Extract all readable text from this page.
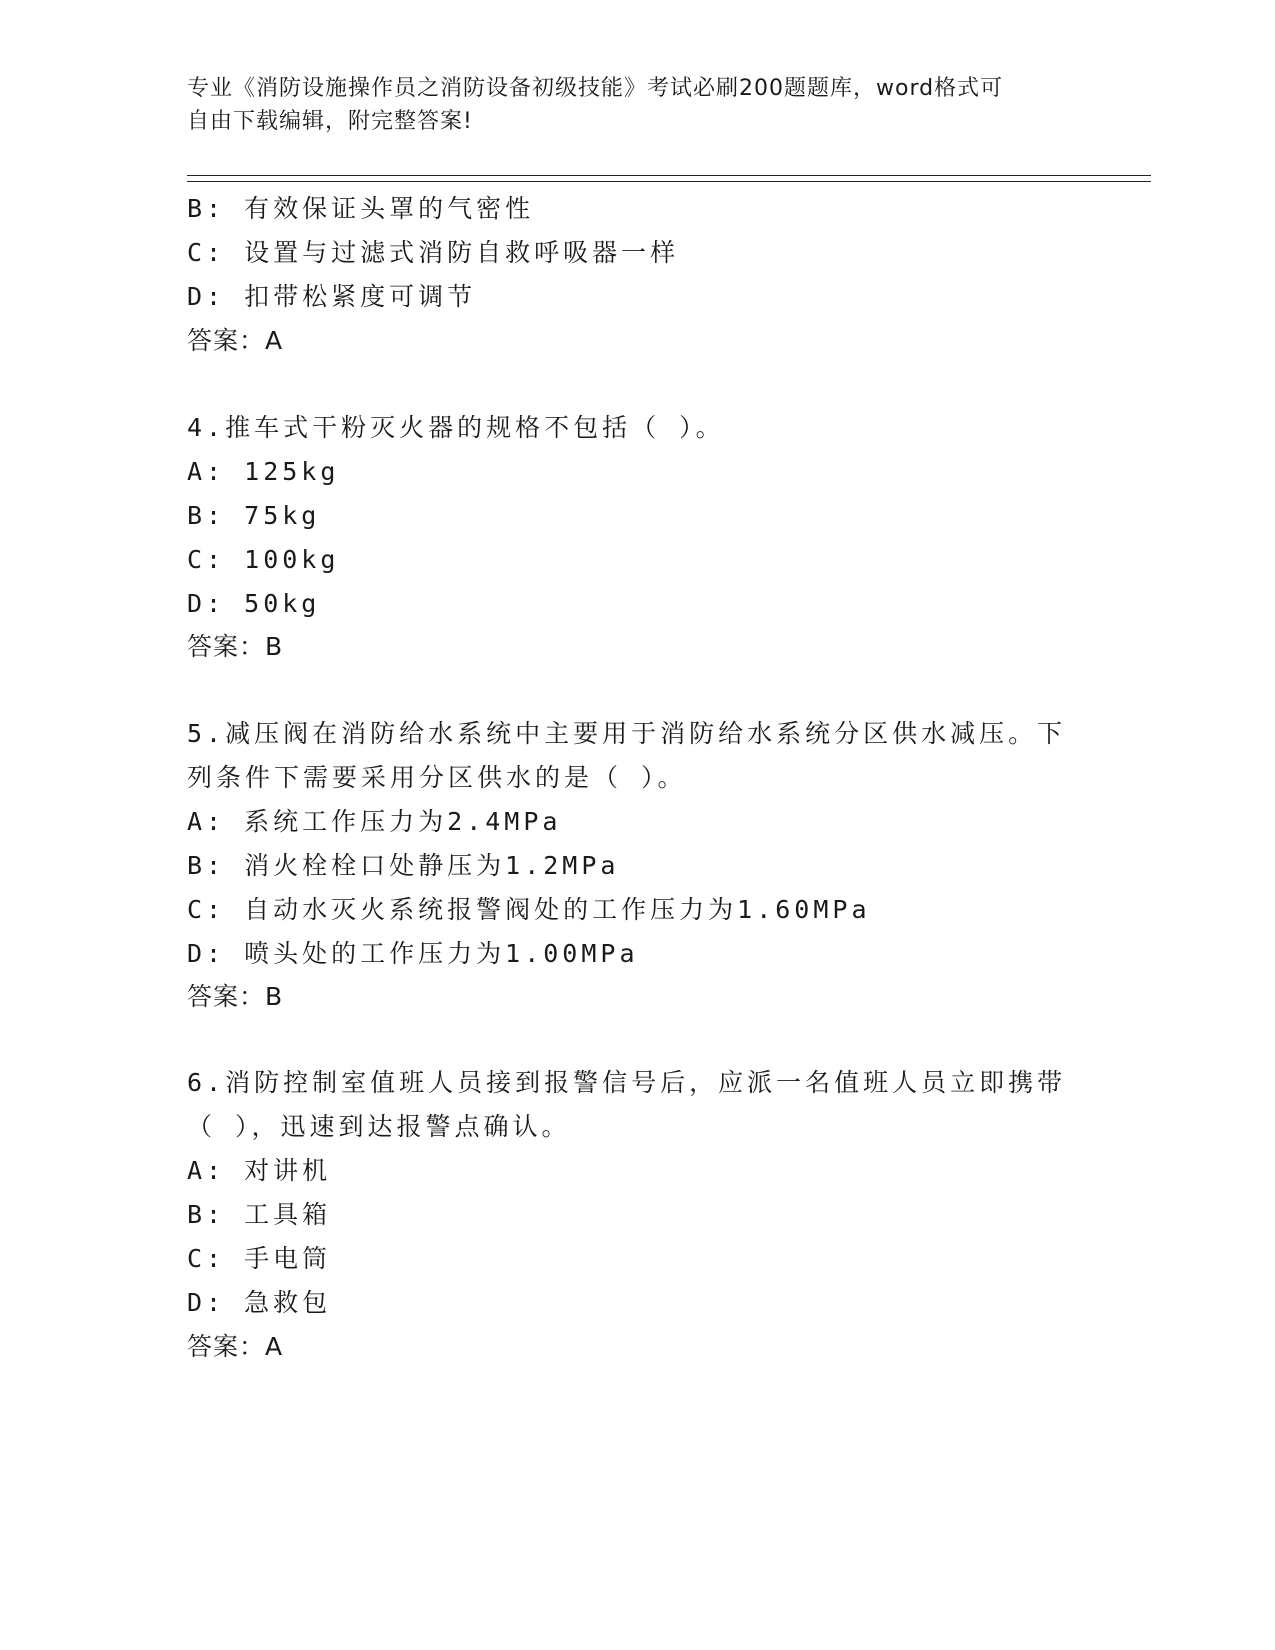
专业《消防设施操作员之消防设备初级技能》考试必刷200题题库，word格式可
自由下载编辑，附完整答案!
B: 有效保证头罩的气密性
C: 设置与过滤式消防自救呼吸器一样
D: 扣带松紧度可调节
答案：A
4.推车式干粉灭火器的规格不包括（ ）。
A: 125kg
B: 75kg
C: 100kg
D: 50kg
答案：B
5.减压阀在消防给水系统中主要用于消防给水系统分区供水减压。下
列条件下需要采用分区供水的是（ ）。
A: 系统工作压力为2.4MPa
B: 消火栓栓口处静压为1.2MPa
C: 自动水灭火系统报警阀处的工作压力为1.60MPa
D: 喷头处的工作压力为1.00MPa
答案：B
6.消防控制室值班人员接到报警信号后，应派一名值班人员立即携带
（ ），迅速到达报警点确认。
A: 对讲机
B: 工具箱
C: 手电筒
D: 急救包
答案：A
